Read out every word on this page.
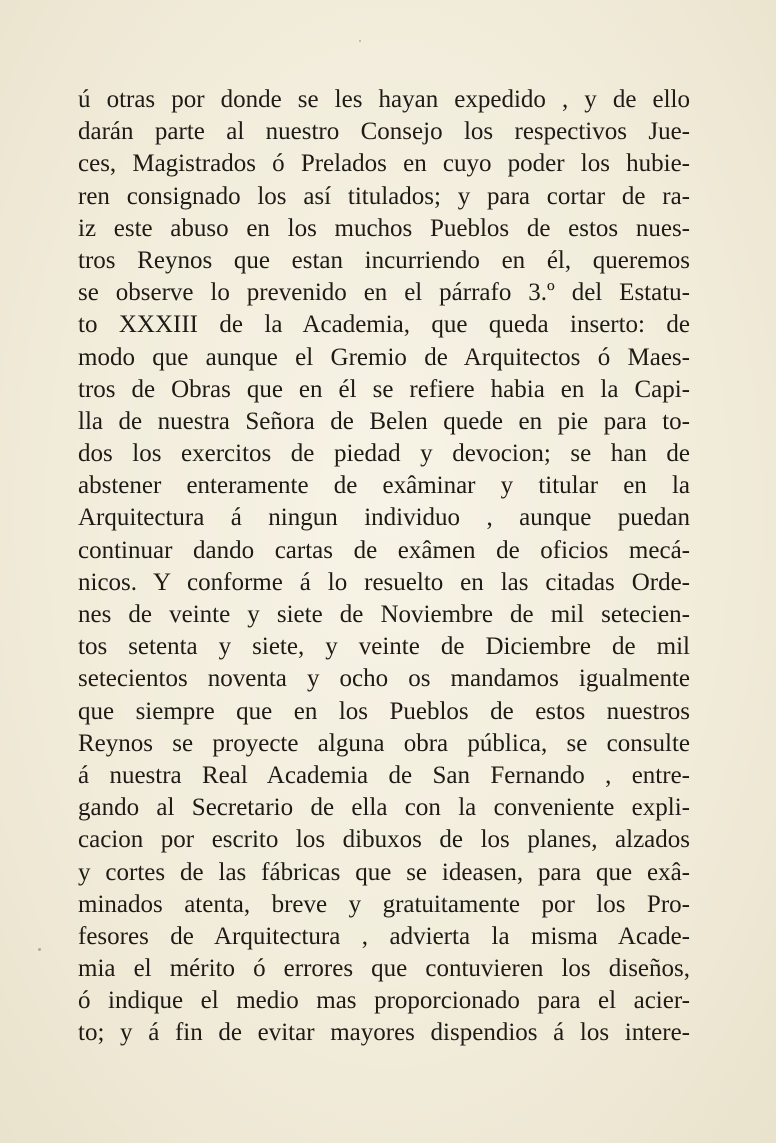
ú otras por donde se les hayan expedido , y de ello
darán parte al nuestro Consejo los respectivos Jue-
ces, Magistrados ó Prelados en cuyo poder los hubie-
ren consignado los así titulados; y para cortar de ra-
iz este abuso en los muchos Pueblos de estos nues-
tros Reynos que estan incurriendo en él, queremos
se observe lo prevenido en el párrafo 3.º del Estatu-
to XXXIII de la Academia, que queda inserto: de
modo que aunque el Gremio de Arquitectos ó Maes-
tros de Obras que en él se refiere habia en la Capi-
lla de nuestra Señora de Belen quede en pie para to-
dos los exercitos de piedad y devocion; se han de
abstener enteramente de exâminar y titular en la
Arquitectura á ningun individuo , aunque puedan
continuar dando cartas de exâmen de oficios mecá-
nicos. Y conforme á lo resuelto en las citadas Orde-
nes de veinte y siete de Noviembre de mil setecien-
tos setenta y siete, y veinte de Diciembre de mil
setecientos noventa y ocho os mandamos igualmente
que siempre que en los Pueblos de estos nuestros
Reynos se proyecte alguna obra pública, se consulte
á nuestra Real Academia de San Fernando , entre-
gando al Secretario de ella con la conveniente expli-
cacion por escrito los dibuxos de los planes, alzados
y cortes de las fábricas que se ideasen, para que exâ-
minados atenta, breve y gratuitamente por los Pro-
fesores de Arquitectura , advierta la misma Acade-
mia el mérito ó errores que contuvieren los diseños,
ó indique el medio mas proporcionado para el acier-
to; y á fin de evitar mayores dispendios á los intere-
